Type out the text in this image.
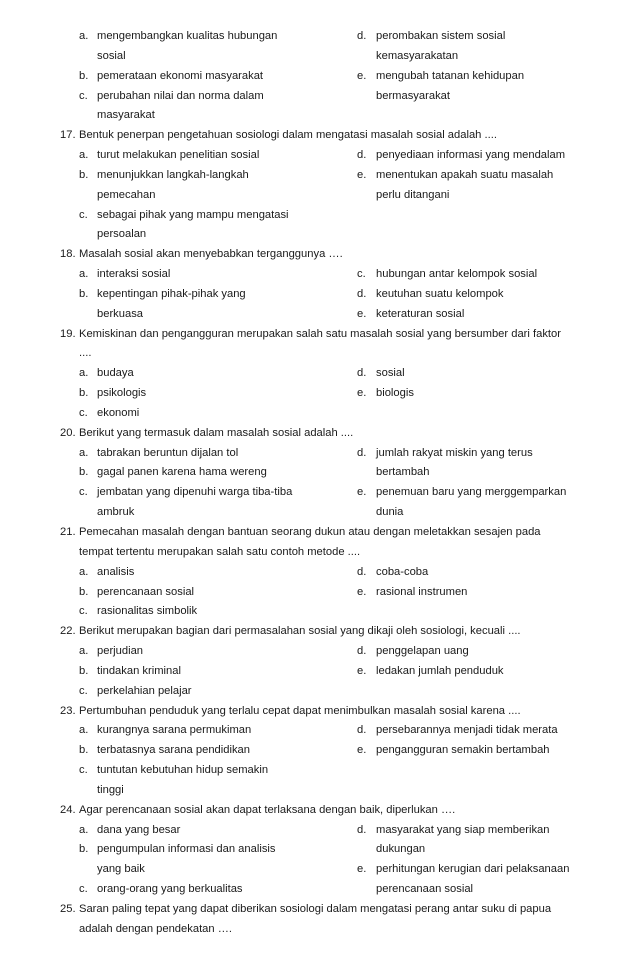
a. mengembangkan kualitas hubungan
sosial
d. perombakan sistem sosial
kemasyarakatan
b. pemerataan ekonomi masyarakat	e. mengubah tatanan kehidupan
bermasyarakat
c. perubahan nilai dan norma dalam
masyarakat
17. Bentuk penerpan pengetahuan sosiologi dalam mengatasi masalah sosial adalah ....
a. turut melakukan penelitian sosial	d. penyediaan informasi yang mendalam
b. menunjukkan langkah-langkah
pemecahan
e. menentukan apakah suatu masalah
perlu ditangani
c. sebagai pihak yang mampu mengatasi
persoalan
18. Masalah sosial akan menyebabkan terganggunya ….
a. interaksi sosial	c. hubungan antar kelompok sosial
b. kepentingan pihak-pihak yang
berkuasa
d. keutuhan suatu kelompok
e. keteraturan sosial
19. Kemiskinan dan pengangguran merupakan salah satu masalah sosial yang bersumber dari faktor
....
a. budaya	d. sosial
b. psikologis	e. biologis
c. ekonomi
20. Berikut yang termasuk dalam masalah sosial adalah ....
a. tabrakan beruntun dijalan tol	d. jumlah rakyat miskin yang terus
bertambah
b. gagal panen karena hama wereng
c. jembatan yang dipenuhi warga tiba-tiba
ambruk
e. penemuan baru yang merggemparkan
dunia
21. Pemecahan masalah dengan bantuan seorang dukun atau dengan meletakkan sesajen pada
tempat tertentu merupakan salah satu contoh metode ....
a. analisis	d. coba-coba
b. perencanaan sosial	e. rasional instrumen
c. rasionalitas simbolik
22. Berikut merupakan bagian dari permasalahan sosial yang dikaji oleh sosiologi, kecuali ....
a. perjudian	d. penggelapan uang
b. tindakan kriminal	e. ledakan jumlah penduduk
c. perkelahian pelajar
23. Pertumbuhan penduduk yang terlalu cepat dapat menimbulkan masalah sosial karena ....
a. kurangnya sarana permukiman	d. persebarannya menjadi tidak merata
b. terbatasnya sarana pendidikan	e. pengangguran semakin bertambah
c. tuntutan kebutuhan hidup semakin
tinggi
24. Agar perencanaan sosial akan dapat terlaksana dengan baik, diperlukan ….
a. dana yang besar	d. masyarakat yang siap memberikan
dukungan
b. pengumpulan informasi dan analisis
yang baik	e. perhitungan kerugian dari pelaksanaan
perencanaan sosial
c. orang-orang yang berkualitas
25. Saran paling tepat yang dapat diberikan sosiologi dalam mengatasi perang antar suku di papua
adalah dengan pendekatan ….
